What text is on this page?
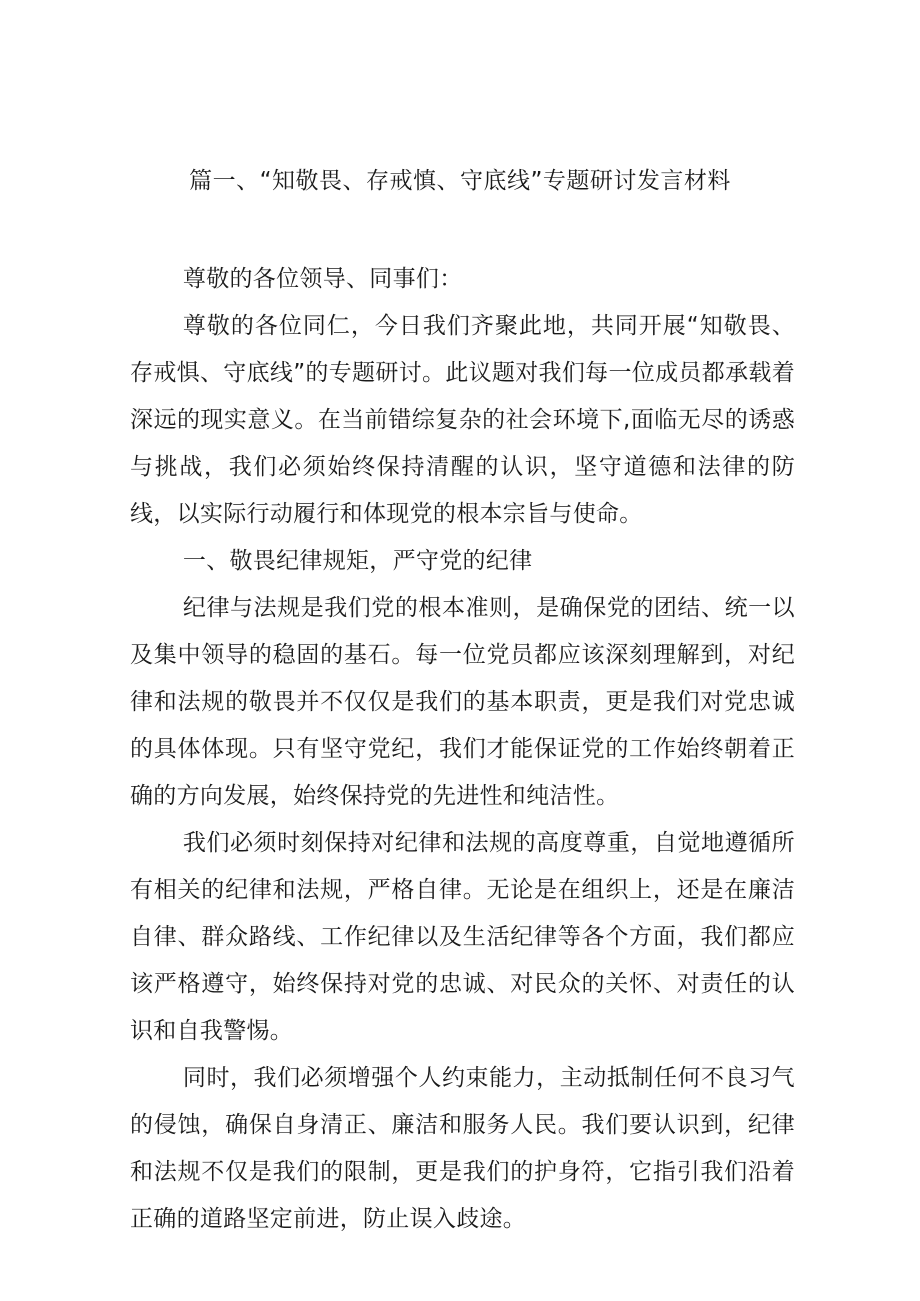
篇一、“知敬畏、存戒慎、守底线”专题研讨发言材料

尊敬的各位领导、同事们：

尊敬的各位同仁，今日我们齐聚此地，共同开展“知敬畏、存戒惧、守底线”的专题研讨。此议题对我们每一位成员都承载着深远的现实意义。在当前错综复杂的社会环境下,面临无尽的诱惑与挑战，我们必须始终保持清醒的认识，坚守道德和法律的防线，以实际行动履行和体现党的根本宗旨与使命。

一、敬畏纪律规矩，严守党的纪律

纪律与法规是我们党的根本准则，是确保党的团结、统一以及集中领导的稳固的基石。每一位党员都应该深刻理解到，对纪律和法规的敬畏并不仅仅是我们的基本职责，更是我们对党忠诚的具体体现。只有坚守党纪，我们才能保证党的工作始终朝着正确的方向发展，始终保持党的先进性和纯洁性。

我们必须时刻保持对纪律和法规的高度尊重，自觉地遵循所有相关的纪律和法规，严格自律。无论是在组织上，还是在廉洁自律、群众路线、工作纪律以及生活纪律等各个方面，我们都应该严格遵守，始终保持对党的忠诚、对民众的关怀、对责任的认识和自我警惕。

同时，我们必须增强个人约束能力，主动抵制任何不良习气的侵蚀，确保自身清正、廉洁和服务人民。我们要认识到，纪律和法规不仅是我们的限制，更是我们的护身符，它指引我们沿着正确的道路坚定前进，防止误入歧途。
